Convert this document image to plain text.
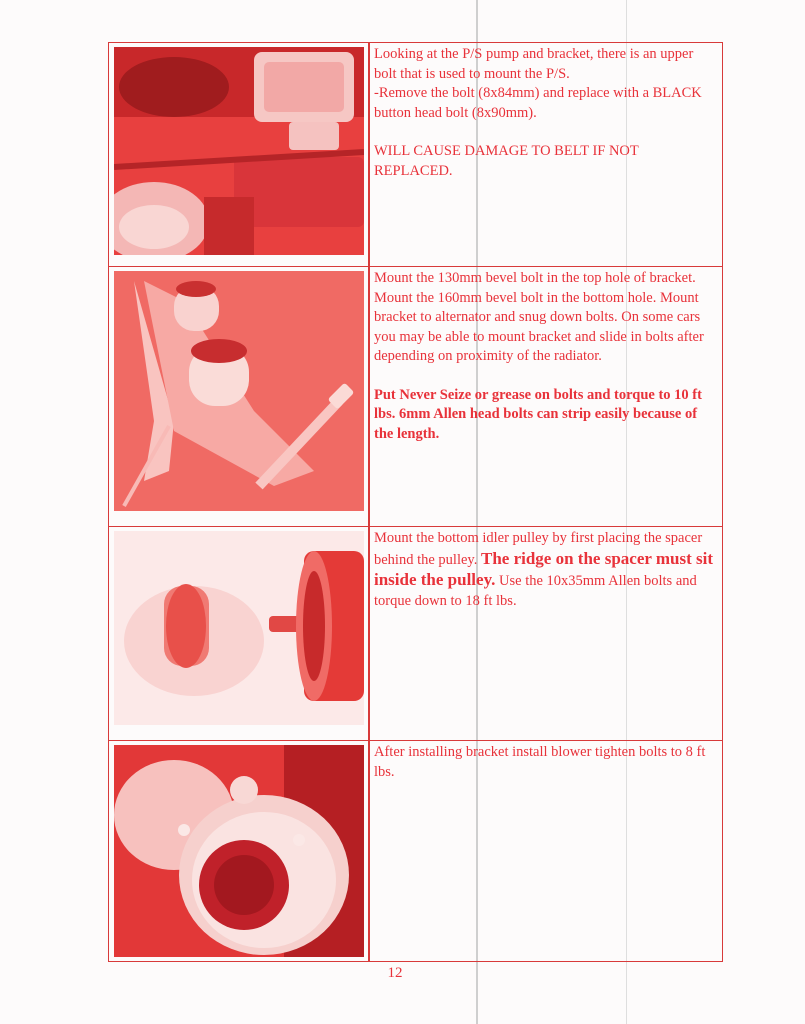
Looking at the P/S pump and bracket, there is an upper bolt that is used to mount the P/S.

-Remove the bolt (8x84mm) and replace with a BLACK button head bolt (8x90mm).

WILL CAUSE DAMAGE TO BELT IF NOT REPLACED.

Mount the 130mm bevel bolt in the top hole of bracket. Mount the 160mm bevel bolt in the bottom hole. Mount bracket to alternator and snug down bolts. On some cars you may be able to mount bracket and slide in bolts after depending on proximity of the radiator.

Put Never Seize or grease on bolts and torque to 10 ft lbs. 6mm Allen head bolts can strip easily because of the length.

Mount the bottom idler pulley by first placing the spacer behind the pulley. The ridge on the spacer must sit inside the pulley. Use the 10x35mm Allen bolts and torque down to 18 ft lbs.

After installing bracket install blower tighten bolts to 8 ft lbs.

12
